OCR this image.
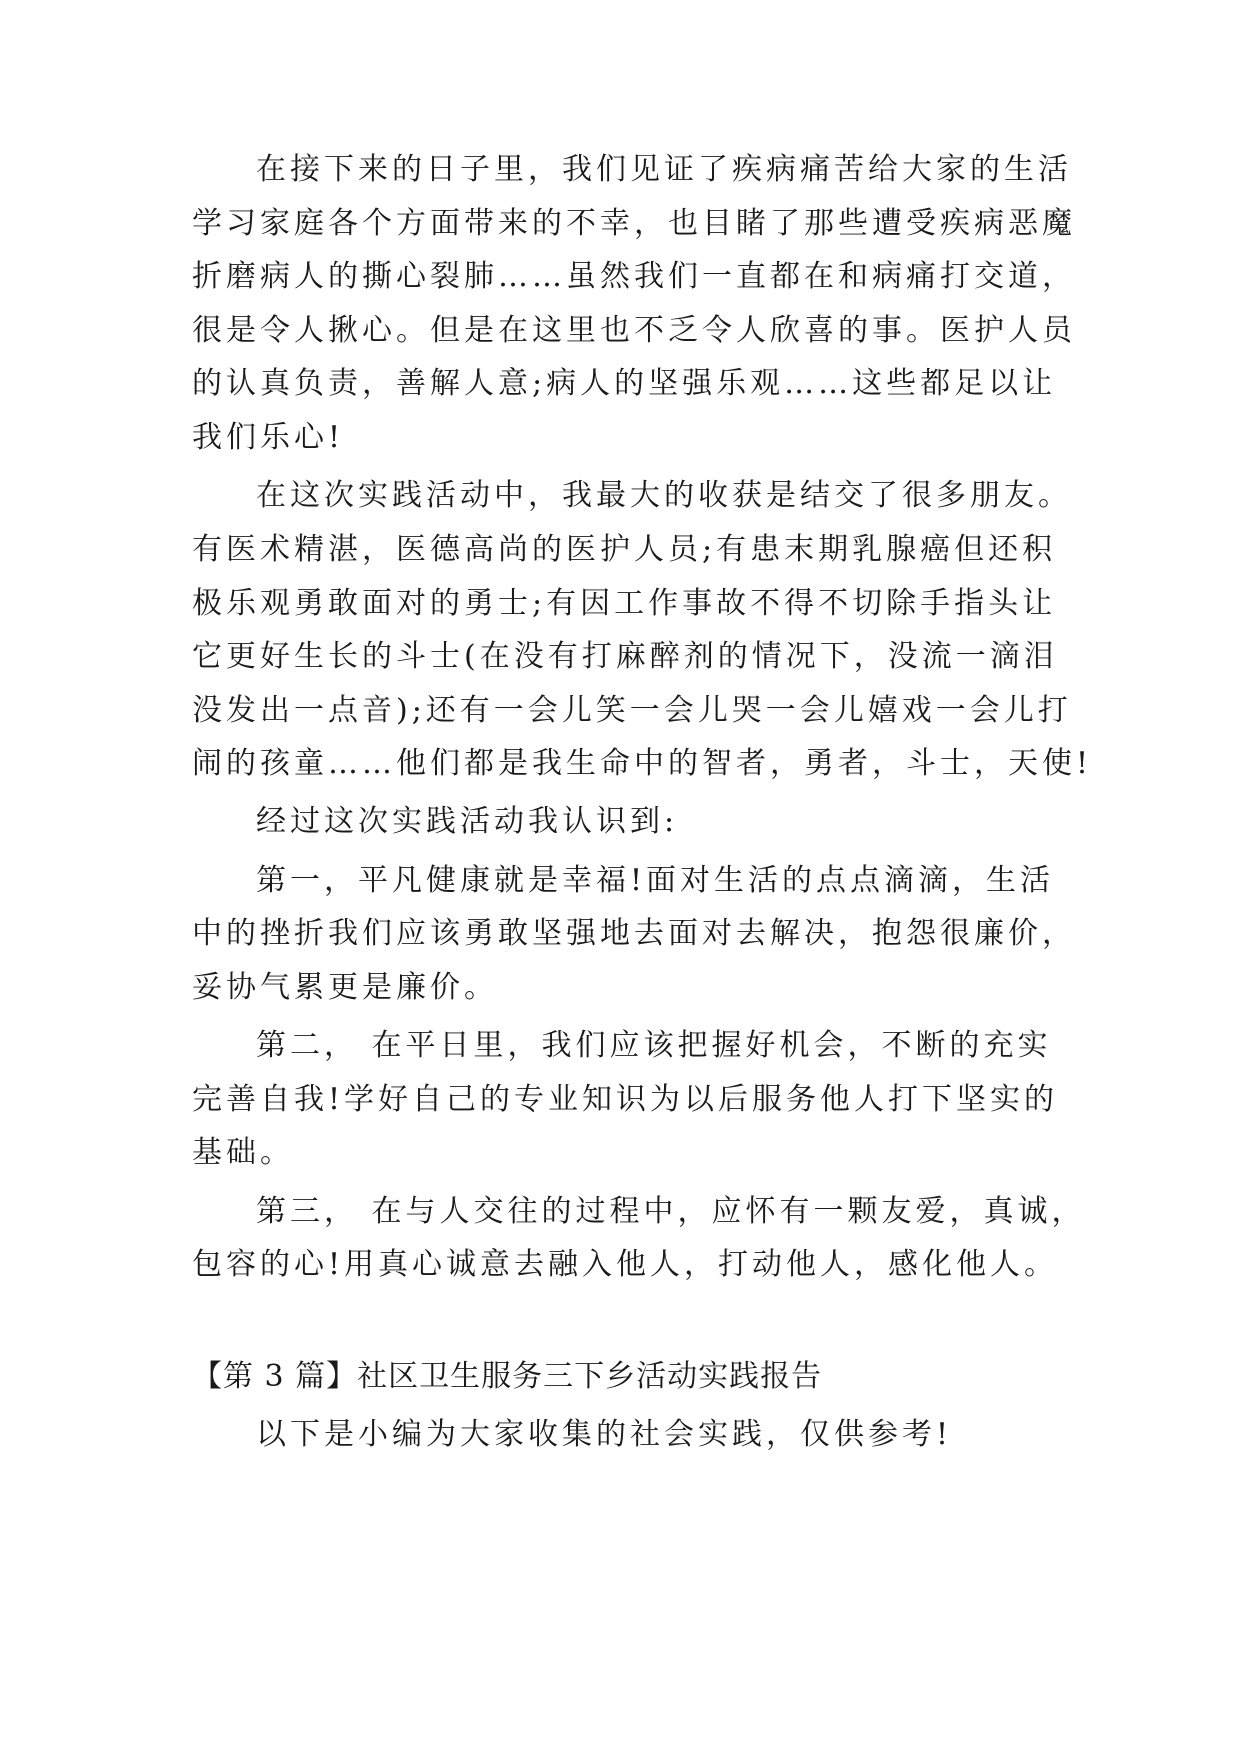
在接下来的日子里，我们见证了疾病痛苦给大家的生活
学习家庭各个方面带来的不幸，也目睹了那些遭受疾病恶魔
折磨病人的撕心裂肺……虽然我们一直都在和病痛打交道，
很是令人揪心。但是在这里也不乏令人欣喜的事。医护人员
的认真负责，善解人意;病人的坚强乐观……这些都足以让
我们乐心!
在这次实践活动中，我最大的收获是结交了很多朋友。
有医术精湛，医德高尚的医护人员;有患末期乳腺癌但还积
极乐观勇敢面对的勇士;有因工作事故不得不切除手指头让
它更好生长的斗士(在没有打麻醉剂的情况下，没流一滴泪
没发出一点音);还有一会儿笑一会儿哭一会儿嬉戏一会儿打
闹的孩童……他们都是我生命中的智者，勇者，斗士，天使!
经过这次实践活动我认识到:
第一，平凡健康就是幸福!面对生活的点点滴滴，生活
中的挫折我们应该勇敢坚强地去面对去解决，抱怨很廉价，
妥协气累更是廉价。
第二， 在平日里，我们应该把握好机会，不断的充实
完善自我!学好自己的专业知识为以后服务他人打下坚实的
基础。
第三， 在与人交往的过程中，应怀有一颗友爱，真诚，
包容的心!用真心诚意去融入他人，打动他人，感化他人。
【第 3 篇】社区卫生服务三下乡活动实践报告
以下是小编为大家收集的社会实践，仅供参考!
